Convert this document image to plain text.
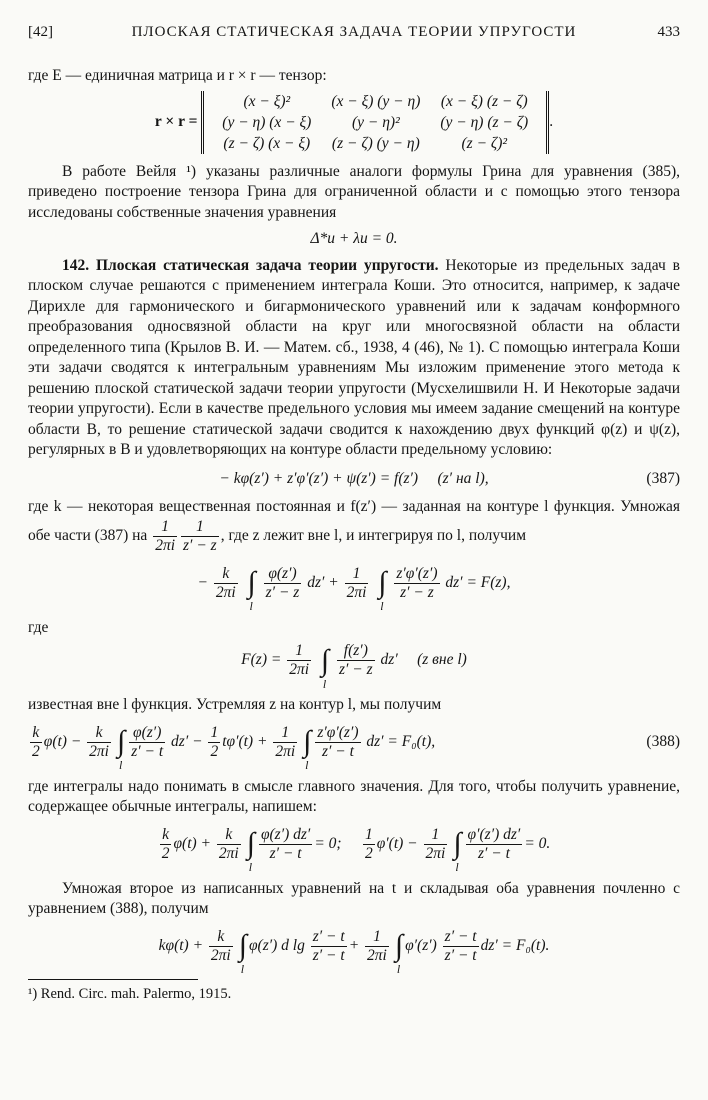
[42]	ПЛОСКАЯ СТАТИЧЕСКАЯ ЗАДАЧА ТЕОРИИ УПРУГОСТИ	433

где E — единичная матрица и r × r — тензор:

r × r =
(x − ξ)²	(x − ξ) (y − η)	(x − ξ) (z − ζ)
(y − η) (x − ξ)	(y − η)²	(y − η) (z − ζ)
(z − ζ) (x − ξ)	(z − ζ) (y − η)	(z − ζ)²
.

В работе Вейля ¹) указаны различные аналоги формулы Грина для уравнения (385), приведено построение тензора Грина для ограниченной области и с помощью этого тензора исследованы собственные значения уравнения

Δ*u + λu = 0.

142. Плоская статическая задача теории упругости. Некоторые из предельных задач в плоском случае решаются с применением интеграла Коши. Это относится, например, к задаче Дирихле для гармонического и бигармонического уравнений или к задачам конформного преобразования односвязной области на круг или многосвязной области на области определенного типа (Крылов В. И. — Матем. сб., 1938, 4 (46), № 1). С помощью интеграла Коши эти задачи сводятся к интегральным уравнениям Мы изложим применение этого метода к решению плоской статической задачи теории упругости (Мусхелишвили Н. И Некоторые задачи теории упругости). Если в качестве предельного условия мы имеем задание смещений на контуре области B, то решение статической задачи сводится к нахождению двух функций φ(z) и ψ(z), регулярных в B и удовлетворяющих на контуре области предельному условию:

− kφ(z′) + z′φ′(z′) + ψ(z′) = f(z′) (z′ на l),	(387)

где k — некоторая вещественная постоянная и f(z′) — заданная на контуре l функция. Умножая обе части (387) на $\frac{1}{2\pi i} \frac{1}{z' - z}$ , где z лежит вне l, и интегрируя по l, получим

− $\frac{k}{2\pi i}$ ∫
l

$\frac{\varphi(z')}{z' - z} dz' + \frac{1}{2\pi i}$ ∫
l

$\frac{z'\varphi'(z')}{z' - z} dz' = F(z)$,

где

$F(z) = \frac{1}{2\pi i}$ ∫
l

$\frac{f(z')}{z' - z} dz'$ (z вне l)

известная вне l функция. Устремляя z на контур l, мы получим

$\frac{k}{2} \varphi(t) - \frac{k}{2\pi i}$ ∫
l
$\frac{\varphi(z')}{z' - t} dz' - \frac{1}{2} t\varphi'(t) + \frac{1}{2\pi i}$ ∫
l
$\frac{z'\varphi'(z')}{z' - t} dz' = F_0(t)$,	(388)

где интегралы надо понимать в смысле главного значения. Для того, чтобы получить уравнение, содержащее обычные интегралы, напишем:

$\frac{k}{2} \varphi(t) + \frac{k}{2\pi i}$ ∫
l
$\frac{\varphi(z') dz'}{z' - t} = 0$; $\frac{1}{2} \varphi'(t) - \frac{1}{2\pi i}$ ∫
l
$\frac{\varphi'(z') dz'}{z' - t} = 0$.

Умножая второе из написанных уравнений на t и складывая оба уравнения почленно с уравнением (388), получим

$k\varphi(t) + \frac{k}{2\pi i}$ ∫
l
φ(z′) d $\lg \frac{z' - t}{z' - t} + \frac{1}{2\pi i}$ ∫
l
$\varphi'(z') \frac{z' - t}{z' - t} dz' = F_0(t)$.

¹) Rend. Circ. mah. Palermo, 1915.
